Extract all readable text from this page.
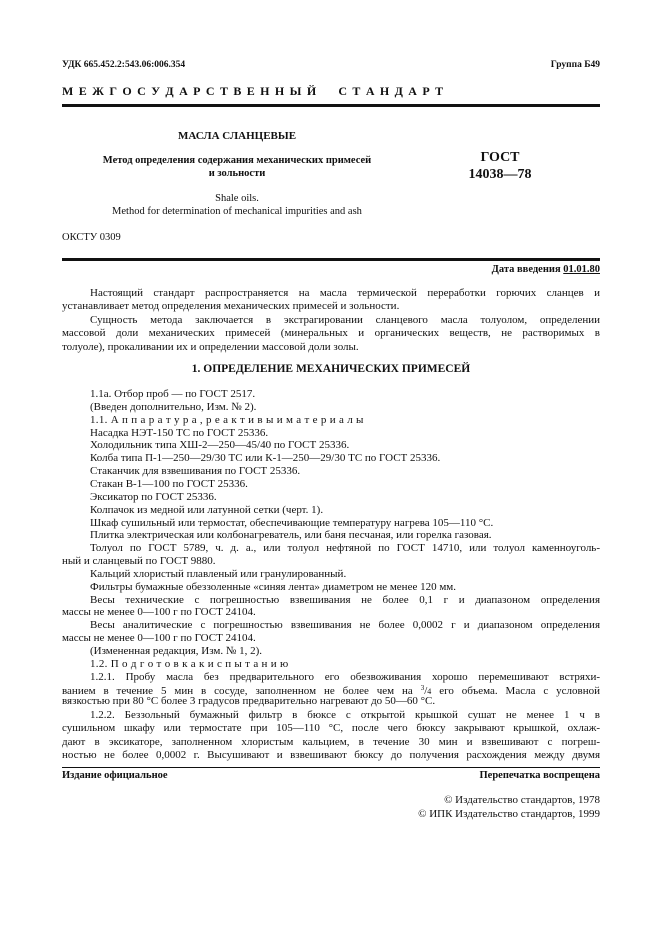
УДК 665.452.2:543.06:006.354	Группа Б49
М Е Ж Г О С У Д А Р С Т В Е Н Н Ы Й     С Т А Н Д А Р Т
МАСЛА СЛАНЦЕВЫЕ
Метод определения содержания механических примесей
и зольности
Shale oils.
Method for determination of mechanical impurities and ash
ГОСТ
14038—78
ОКСТУ 0309
Дата введения 01.01.80
Настоящий стандарт распространяется на масла термической переработки горючих сланцев и
устанавливает метод определения механических примесей и зольности.
Сущность метода заключается в экстрагировании сланцевого масла толуолом, определении
массовой доли механических примесей (минеральных и органических веществ, не растворимых в
толуоле), прокаливании их и определении массовой доли золы.
1. ОПРЕДЕЛЕНИЕ МЕХАНИЧЕСКИХ ПРИМЕСЕЙ
1.1а. Отбор проб — по ГОСТ 2517.
(Введен дополнительно, Изм. № 2).
1.1. А п п а р а т у р а , р е а к т и в ы и м а т е р и а л ы
Насадка НЭТ-150 ТС по ГОСТ 25336.
Холодильник типа ХШ-2—250—45/40 по ГОСТ 25336.
Колба типа П-1—250—29/30 ТС или К-1—250—29/30 ТС по ГОСТ 25336.
Стаканчик для взвешивания по ГОСТ 25336.
Стакан В-1—100 по ГОСТ 25336.
Эксикатор по ГОСТ 25336.
Колпачок из медной или латунной сетки (черт. 1).
Шкаф сушильный или термостат, обеспечивающие температуру нагрева 105—110 °С.
Плитка электрическая или колбонагреватель, или баня песчаная, или горелка газовая.
Толуол по ГОСТ 5789, ч. д. а., или толуол нефтяной по ГОСТ 14710, или толуол каменноуголь-
ный и сланцевый по ГОСТ 9880.
Кальций хлористый плавленый или гранулированный.
Фильтры бумажные обеззоленные «синяя лента» диаметром не менее 120 мм.
Весы технические с погрешностью взвешивания не более 0,1 г и диапазоном определения
массы не менее 0—100 г по ГОСТ 24104.
Весы аналитические с погрешностью взвешивания не более 0,0002 г и диапазоном определения
массы не менее 0—100 г по ГОСТ 24104.
(Измененная редакция, Изм. № 1, 2).
1.2. П о д г о т о в к а к и с п ы т а н и ю
1.2.1. Пробу масла без предварительного его обезвоживания хорошо перемешивают встряхи-
ванием в течение 5 мин в сосуде, заполненном не более чем на $^3$/4 его объема. Масла с условной
вязкостью при 80 °С более 3 градусов предварительно нагревают до 50—60 °С.
1.2.2. Беззольный бумажный фильтр в бюксе с открытой крышкой сушат не менее 1 ч в
сушильном шкафу или термостате при 105—110 °С, после чего бюксу закрывают крышкой, охлаж-
дают в эксикаторе, заполненном хлористым кальцием, в течение 30 мин и взвешивают с погреш-
ностью не более 0,0002 г. Высушивают и взвешивают бюксу до получения расхождения между двумя
Издание официальное	Перепечатка воспрещена
© Издательство стандартов, 1978
© ИПК Издательство стандартов, 1999
